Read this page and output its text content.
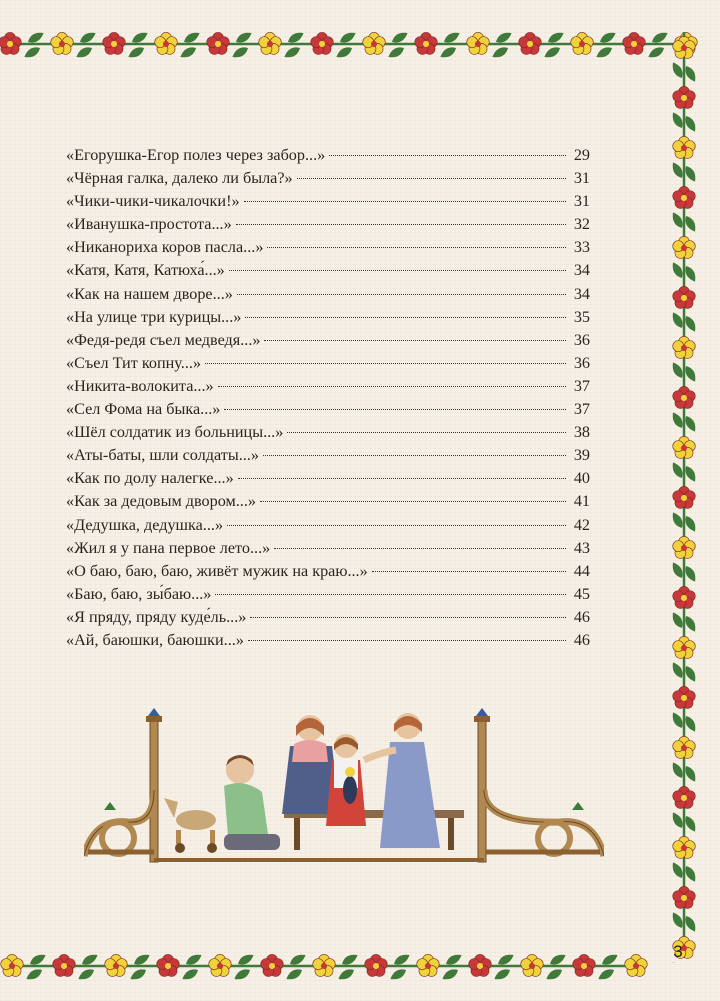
«Егорушка-Егор полез через забор...»	29
«Чёрная галка, далеко ли была?»	31
«Чики-чики-чикалочки!»	31
«Иванушка-простота...»	32
«Никанориха коров пасла...»	33
«Катя, Катя, Катюха́...»	34
«Как на нашем дворе...»	34
«На улице три курицы...»	35
«Федя-редя съел медведя...»	36
«Съел Тит копну...»	36
«Никита-волокита...»	37
«Сел Фома на быка...»	37
«Шёл солдатик из больницы...»	38
«Аты-баты, шли солдаты...»	39
«Как по долу налегке...»	40
«Как за дедовым двором...»	41
«Дедушка, дедушка...»	42
«Жил я у пана первое лето...»	43
«О баю, баю, баю, живёт мужик на краю...»	44
«Баю, баю, зы́баю...»	45
«Я пряду, пряду куде́ль...»	46
«Ай, баюшки, баюшки...»	46
3
